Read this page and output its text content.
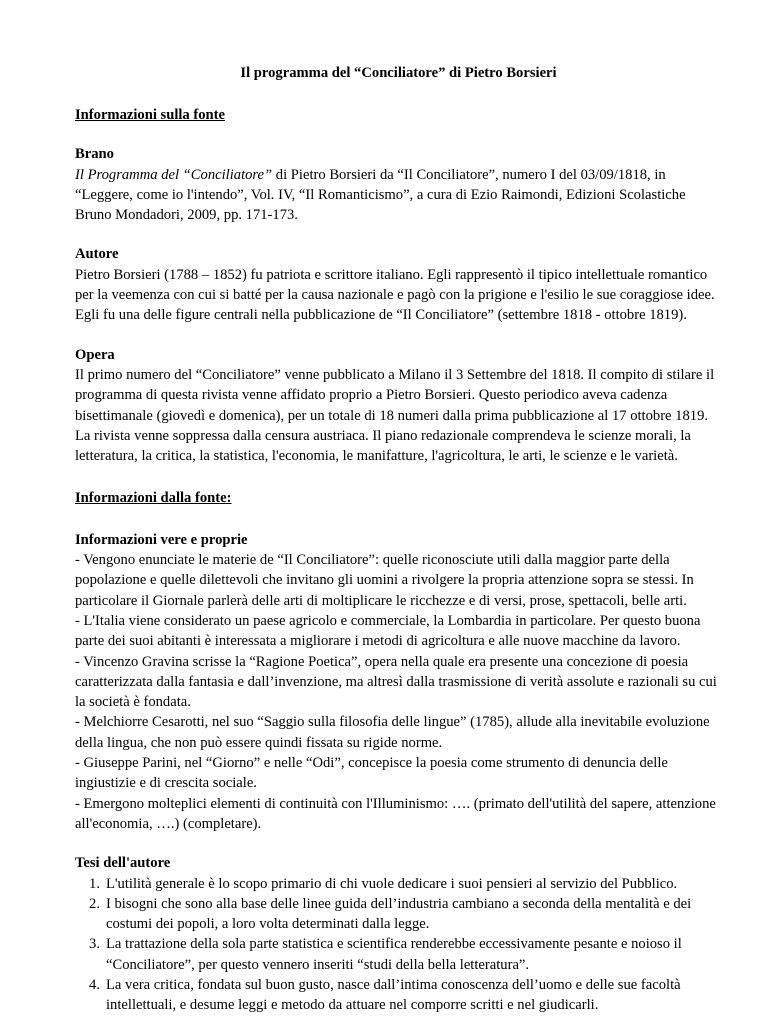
Il programma del “Conciliatore” di Pietro Borsieri
Informazioni sulla fonte
Brano

Il Programma del “Conciliatore” di Pietro Borsieri da “Il Conciliatore”, numero I del 03/09/1818, in “Leggere, come io l'intendo”, Vol. IV, “Il Romanticismo”, a cura di Ezio Raimondi, Edizioni Scolastiche Bruno Mondadori, 2009, pp. 171-173.

Autore

Pietro Borsieri (1788 – 1852) fu patriota e scrittore italiano. Egli rappresentò il tipico intellettuale romantico per la veemenza con cui si batté per la causa nazionale e pagò con la prigione e l'esilio le sue coraggiose idee. Egli fu una delle figure centrali nella pubblicazione de “Il Conciliatore” (settembre 1818 - ottobre 1819).

Opera

Il primo numero del “Conciliatore” venne pubblicato a Milano il 3 Settembre del 1818. Il compito di stilare il programma di questa rivista venne affidato proprio a Pietro Borsieri. Questo periodico aveva cadenza bisettimanale (giovedì e domenica), per un totale di 18 numeri dalla prima pubblicazione al 17 ottobre 1819. La rivista venne soppressa dalla censura austriaca. Il piano redazionale comprendeva le scienze morali, la letteratura, la critica, la statistica, l'economia, le manifatture, l'agricoltura, le arti, le scienze e le varietà.

Informazioni dalla fonte:
Informazioni vere e proprie

- Vengono enunciate le materie de “Il Conciliatore”: quelle riconosciute utili dalla maggior parte della popolazione e quelle dilettevoli che invitano gli uomini a rivolgere la propria attenzione sopra se stessi. In particolare il Giornale parlerà delle arti di moltiplicare le ricchezze e di versi, prose, spettacoli, belle arti.

- L'Italia viene considerato un paese agricolo e commerciale, la Lombardia in particolare. Per questo buona parte dei suoi abitanti è interessata a migliorare i metodi di agricoltura e alle nuove macchine da lavoro.

- Vincenzo Gravina scrisse la “Ragione Poetica”, opera nella quale era presente una concezione di poesia caratterizzata dalla fantasia e dall’invenzione, ma altresì dalla trasmissione di verità assolute e razionali su cui la società è fondata.

- Melchiorre Cesarotti, nel suo “Saggio sulla filosofia delle lingue” (1785), allude alla inevitabile evoluzione della lingua, che non può essere quindi fissata su rigide norme.

- Giuseppe Parini, nel “Giorno” e nelle “Odi”, concepisce la poesia come strumento di denuncia delle ingiustizie e di crescita sociale.

- Emergono molteplici elementi di continuità con l'Illuminismo: …. (primato dell'utilità del sapere, attenzione all'economia, ….) (completare).

Tesi dell'autore
1. L'utilità generale è lo scopo primario di chi vuole dedicare i suoi pensieri al servizio del Pubblico.
2. I bisogni che sono alla base delle linee guida dell’industria cambiano a seconda della mentalità e dei costumi dei popoli, a loro volta determinati dalla legge.
3. La trattazione della sola parte statistica e scientifica renderebbe eccessivamente pesante e noioso il “Conciliatore”, per questo vennero inseriti “studi della bella letteratura”.
4. La vera critica, fondata sul buon gusto, nasce dall’intima conoscenza dell’uomo e delle sue facoltà intellettuali, e desume leggi e metodo da attuare nel comporre scritti e nel giudicarli.
